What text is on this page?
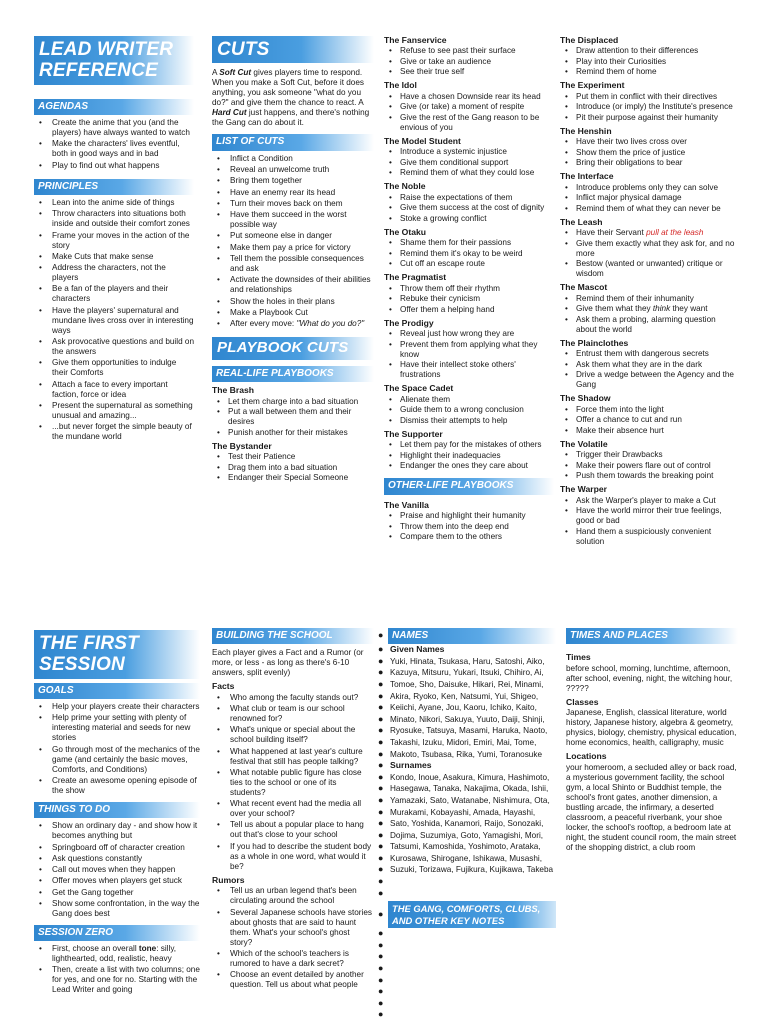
LEAD WRITER
REFERENCE
AGENDAS
• Create the anime that you (and the players) have always wanted to watch
• Make the characters' lives eventful, both in good ways and in bad
• Play to find out what happens
PRINCIPLES
• Lean into the anime side of things
• Throw characters into situations both inside and outside their comfort zones
• Frame your moves in the action of the story
• Make Cuts that make sense
• Address the characters, not the players
• Be a fan of the players and their characters
• Have the players' supernatural and mundane lives cross over in interesting ways
• Ask provocative questions and build on the answers
• Give them opportunities to indulge their Comforts
• Attach a face to every important faction, force or idea
• Present the supernatural as something unusual and amazing...
• ...but never forget the simple beauty of the mundane world
CUTS

A Soft Cut gives players time to respond. When you make a Soft Cut, before it does anything, you ask someone "what do you do?" and give them the chance to react. A Hard Cut just happens, and there's nothing the Gang can do about it.

LIST OF CUTS
• Inflict a Condition
• Reveal an unwelcome truth
• Bring them together
• Have an enemy rear its head
• Turn their moves back on them
• Have them succeed in the worst possible way
• Put someone else in danger
• Make them pay a price for victory
• Tell them the possible consequences and ask
• Activate the downsides of their abilities and relationships
• Show the holes in their plans
• Make a Playbook Cut
• After every move: "What do you do?"
PLAYBOOK CUTS
REAL-LIFE PLAYBOOKS
The Brash
• Let them charge into a bad situation
• Put a wall between them and their desires
• Punish another for their mistakes
The Bystander
• Test their Patience
• Drag them into a bad situation
• Endanger their Special Someone
The Fanservice
• Refuse to see past their surface
• Give or take an audience
• See their true self
The Idol
• Have a chosen Downside rear its head
• Give (or take) a moment of respite
• Give the rest of the Gang reason to be envious of you
The Model Student
• Introduce a systemic injustice
• Give them conditional support
• Remind them of what they could lose
The Noble
• Raise the expectations of them
• Give them success at the cost of dignity
• Stoke a growing conflict
The Otaku
• Shame them for their passions
• Remind them it's okay to be weird
• Cut off an escape route
The Pragmatist
• Throw them off their rhythm
• Rebuke their cynicism
• Offer them a helping hand
The Prodigy
• Reveal just how wrong they are
• Prevent them from applying what they know
• Have their intellect stoke others' frustrations
The Space Cadet
• Alienate them
• Guide them to a wrong conclusion
• Dismiss their attempts to help
The Supporter
• Let them pay for the mistakes of others
• Highlight their inadequacies
• Endanger the ones they care about
OTHER-LIFE PLAYBOOKS
The Vanilla
• Praise and highlight their humanity
• Throw them into the deep end
• Compare them to the others
The Displaced
• Draw attention to their differences
• Play into their Curiosities
• Remind them of home
The Experiment
• Put them in conflict with their directives
• Introduce (or imply) the Institute's presence
• Pit their purpose against their humanity
The Henshin
• Have their two lives cross over
• Show them the price of justice
• Bring their obligations to bear
The Interface
• Introduce problems only they can solve
• Inflict major physical damage
• Remind them of what they can never be
The Leash
• Have their Servant pull at the leash
• Give them exactly what they ask for, and no more
• Bestow (wanted or unwanted) critique or wisdom
The Mascot
• Remind them of their inhumanity
• Give them what they think they want
• Ask them a probing, alarming question about the world
The Plainclothes
• Entrust them with dangerous secrets
• Ask them what they are in the dark
• Drive a wedge between the Agency and the Gang
The Shadow
• Force them into the light
• Offer a chance to cut and run
• Make their absence hurt
The Volatile
• Trigger their Drawbacks
• Make their powers flare out of control
• Push them towards the breaking point
The Warper
• Ask the Warper's player to make a Cut
• Have the world mirror their true feelings, good or bad
• Hand them a suspiciously convenient solution
THE FIRST
SESSION
GOALS
• Help your players create their characters
• Help prime your setting with plenty of interesting material and seeds for new stories
• Go through most of the mechanics of the game (and certainly the basic moves, Comforts, and Conditions)
• Create an awesome opening episode of the show
THINGS TO DO
• Show an ordinary day - and show how it becomes anything but
• Springboard off of character creation
• Ask questions constantly
• Call out moves when they happen
• Offer moves when players get stuck
• Get the Gang together
• Show some confrontation, in the way the Gang does best
SESSION ZERO
• First, choose an overall tone: silly, lighthearted, odd, realistic, heavy
• Then, create a list with two columns; one for yes, and one for no. Starting with the Lead Writer and going
BUILDING THE SCHOOL

Each player gives a Fact and a Rumor (or more, or less - as long as there's 6-10 answers, split evenly)

Facts
• Who among the faculty stands out?
• What club or team is our school renowned for?
• What's unique or special about the school building itself?
• What happened at last year's culture festival that still has people talking?
• What notable public figure has close ties to the school or one of its students?
• What recent event had the media all over your school?
• Tell us about a popular place to hang out that's close to your school
• If you had to describe the student body as a whole in one word, what would it be?
Rumors
• Tell us an urban legend that's been circulating around the school
• Several Japanese schools have stories about ghosts that are said to haunt them. What's your school's ghost story?
• Which of the school's teachers is rumored to have a dark secret?
• Choose an event detailed by another question. Tell us about what people
●
NAMES
●
●
●
●
●
●
●
●
●
●
●
●
●
●
●
●
●
●
●
●
●
●
Given Names
Yuki, Hinata, Tsukasa, Haru, Satoshi, Aiko, Kazuya, Mitsuru, Yukari, Itsuki, Chihiro, Ai, Tomoe, Sho, Daisuke, Hikari, Rei, Minami, Akira, Ryoko, Ken, Natsumi, Yui, Shigeo, Keiichi, Ayane, Jou, Kaoru, Ichiko, Kaito, Minato, Nikori, Sakuya, Yuuto, Daiji, Shinji, Ryosuke, Tatsuya, Masami, Haruka, Naoto, Takashi, Izuku, Midori, Emiri, Mai, Tome, Makoto, Tsubasa, Rika, Yumi, Toranosuke
Surnames
Kondo, Inoue, Asakura, Kimura, Hashimoto, Hasegawa, Tanaka, Nakajima, Okada, Ishii, Yamazaki, Sato, Watanabe, Nishimura, Ota, Murakami, Kobayashi, Amada, Hayashi, Sato, Yoshida, Kanamori, Raijo, Sonozaki, Dojima, Suzumiya, Goto, Yamagishi, Mori, Tatsumi, Kamoshida, Yoshimoto, Arataka, Kurosawa, Shirogane, Ishikawa, Musashi, Suzuki, Torizawa, Fujikura, Kujikawa, Takeba
●
THE GANG, COMFORTS, CLUBS, AND OTHER KEY NOTES
●
●
●
●
●
●
●
●
●
TIMES AND PLACES
Times

before school, morning, lunchtime, afternoon, after school, evening, night, the witching hour, ?????

Classes

Japanese, English, classical literature, world history, Japanese history, algebra & geometry, physics, biology, chemistry, physical education, home economics, health, calligraphy, music

Locations

your homeroom, a secluded alley or back road, a mysterious government facility, the school gym, a local Shinto or Buddhist temple, the school's front gates, another dimension, a bustling arcade, the infirmary, a deserted classroom, a peaceful riverbank, your shoe locker, the school's rooftop, a bedroom late at night, the student council room, the main street of the shopping district, a club room
